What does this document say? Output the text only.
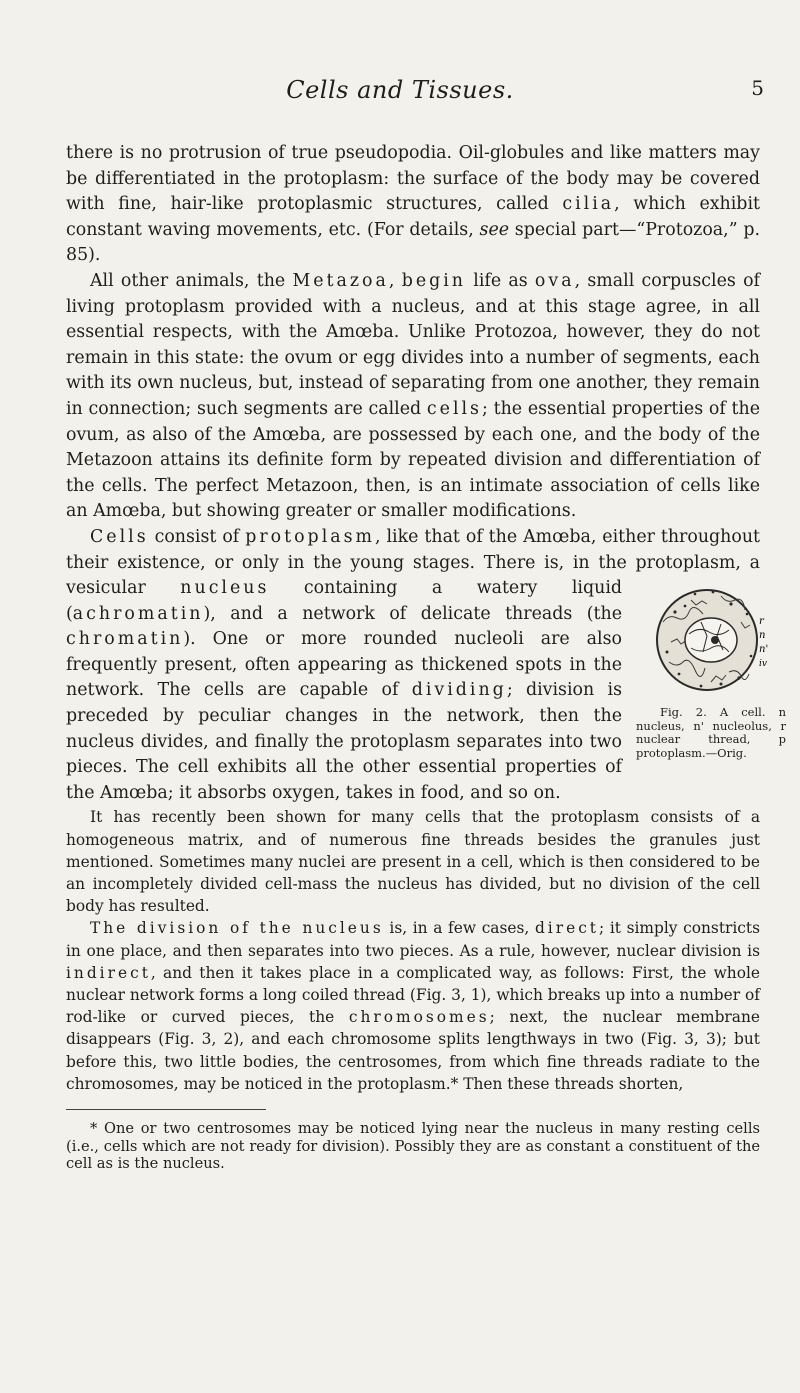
Cells and Tissues.	5

there is no protrusion of true pseudopodia. Oil-globules and like matters may be differentiated in the protoplasm: the surface of the body may be covered with fine, hair-like protoplasmic structures, called cilia, which exhibit constant waving movements, etc. (For details, see special part—“Protozoa,” p. 85).

All other animals, the Metazoa, begin life as ova, small corpuscles of living protoplasm provided with a nucleus, and at this stage agree, in all essential respects, with the Amœba. Unlike Protozoa, however, they do not remain in this state: the ovum or egg divides into a number of segments, each with its own nucleus, but, instead of separating from one another, they remain in connection; such segments are called cells; the essential properties of the ovum, as also of the Amœba, are possessed by each one, and the body of the Metazoon attains its definite form by repeated division and differentiation of the cells. The perfect Metazoon, then, is an intimate association of cells like an Amœba, but showing greater or smaller modifications.

Cells consist of protoplasm, like that of the Amœba, either throughout their existence, or only in the young stages. There is, in the protoplasm, a vesicular
r
n
n'
iv
Fig. 2. A cell. n nucleus, n' nucleolus, r nuclear thread, p protoplasm.—Orig.
nucleus containing a watery liquid (achromatin), and a network of delicate threads (the chromatin). One or more rounded nucleoli are also frequently present, often appearing as thickened spots in the network. The cells are capable of dividing; division is preceded by peculiar changes in the network, then the nucleus divides, and finally the protoplasm separates into two pieces. The cell exhibits all the other essential properties of the Amœba; it absorbs oxygen, takes in food, and so on.

It has recently been shown for many cells that the protoplasm consists of a homogeneous matrix, and of numerous fine threads besides the granules just mentioned. Sometimes many nuclei are present in a cell, which is then considered to be an incompletely divided cell-mass the nucleus has divided, but no division of the cell body has resulted.

The division of the nucleus is, in a few cases, direct; it simply constricts in one place, and then separates into two pieces. As a rule, however, nuclear division is indirect, and then it takes place in a complicated way, as follows: First, the whole nuclear network forms a long coiled thread (Fig. 3, 1), which breaks up into a number of rod-like or curved pieces, the chromosomes; next, the nuclear membrane disappears (Fig. 3, 2), and each chromosome splits lengthways in two (Fig. 3, 3); but before this, two little bodies, the centrosomes, from which fine threads radiate to the chromosomes, may be noticed in the protoplasm.* Then these threads shorten,

* One or two centrosomes may be noticed lying near the nucleus in many resting cells (i.e., cells which are not ready for division). Possibly they are as constant a constituent of the cell as is the nucleus.
